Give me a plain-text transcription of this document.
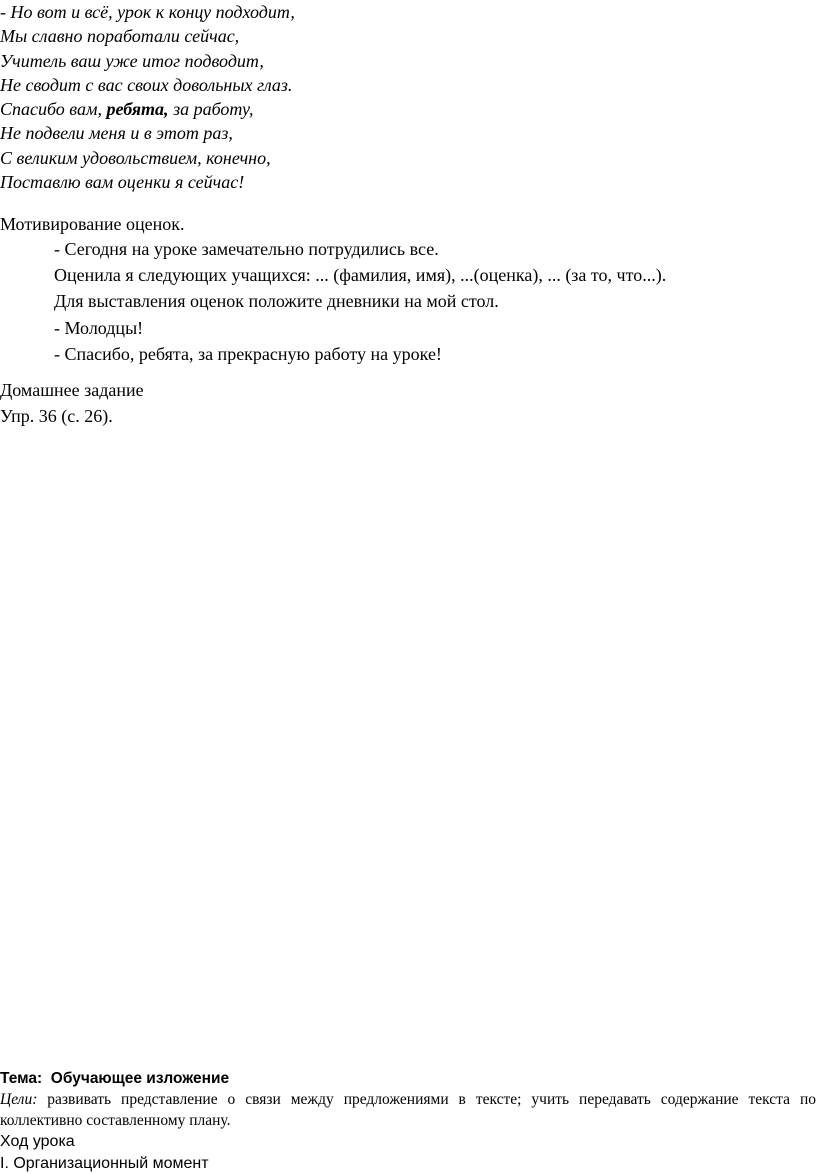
- Но вот и всё, урок к концу подходит,
Мы славно поработали сейчас,
Учитель ваш уже итог подводит,
Не сводит с вас своих довольных глаз.
Спасибо вам, ребята, за работу,
Не подвели меня и в этот раз,
С великим удовольствием, конечно,
Поставлю вам оценки я сейчас!
Мотивирование оценок.
- Сегодня на уроке замечательно потрудились все.
Оценила я следующих учащихся: ... (фамилия, имя), ...(оценка), ... (за то, что...).
Для выставления оценок положите дневники на мой стол.
- Молодцы!
- Спасибо, ребята, за прекрасную работу на уроке!
Домашнее задание
Упр. 36 (с. 26).
Тема:  Обучающее изложение
Цели: развивать представление о связи между предложениями в тексте; учить передавать содержание текста по коллективно составленному плану.
Ход урока
I. Организационный момент
